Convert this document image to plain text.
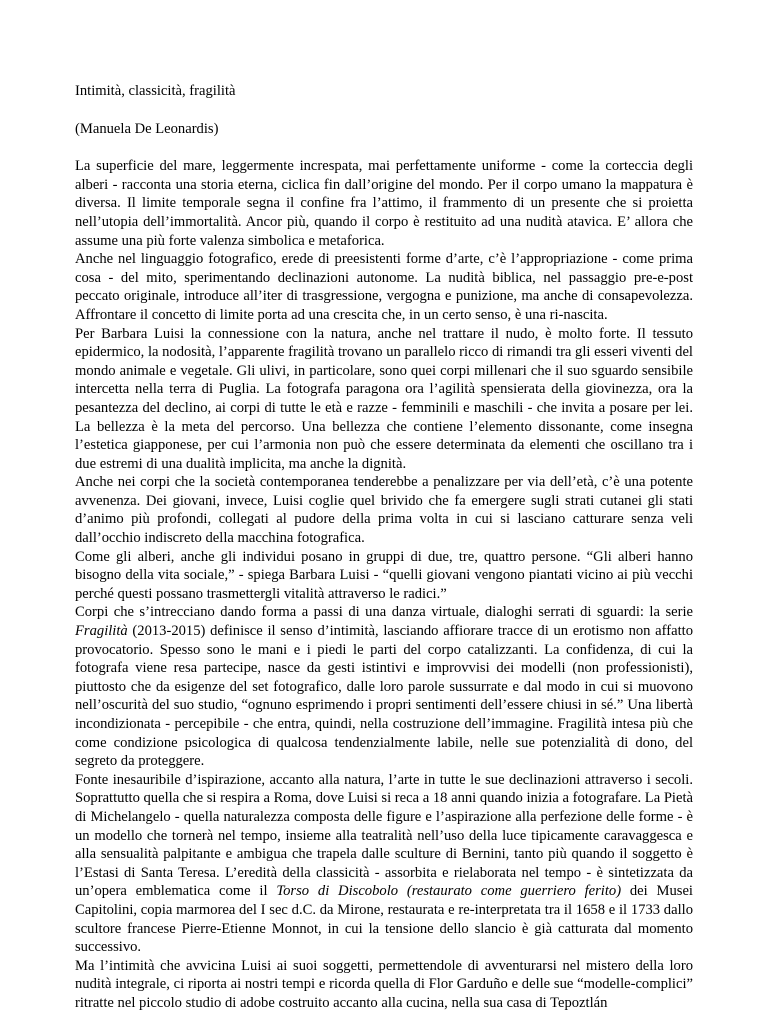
Intimità, classicità, fragilità
(Manuela De Leonardis)

La superficie del mare, leggermente increspata, mai perfettamente uniforme - come la corteccia degli alberi - racconta una storia eterna, ciclica fin dall’origine del mondo. Per il corpo umano la mappatura è diversa. Il limite temporale segna il confine fra l’attimo, il frammento di un presente che si proietta nell’utopia dell’immortalità. Ancor più, quando il corpo è restituito ad una nudità atavica. E’ allora che assume una più forte valenza simbolica e metaforica.

Anche nel linguaggio fotografico, erede di preesistenti forme d’arte, c’è l’appropriazione - come prima cosa - del mito, sperimentando declinazioni autonome. La nudità biblica, nel passaggio pre-e-post peccato originale, introduce all’iter di trasgressione, vergogna e punizione, ma anche di consapevolezza. Affrontare il concetto di limite porta ad una crescita che, in un certo senso, è una ri-nascita.

Per Barbara Luisi la connessione con la natura, anche nel trattare il nudo, è molto forte. Il tessuto epidermico, la nodosità, l’apparente fragilità trovano un parallelo ricco di rimandi tra gli esseri viventi del mondo animale e vegetale. Gli ulivi, in particolare, sono quei corpi millenari che il suo sguardo sensibile intercetta nella terra di Puglia. La fotografa paragona ora l’agilità spensierata della giovinezza, ora la pesantezza del declino, ai corpi di tutte le età e razze - femminili e maschili - che invita a posare per lei. La bellezza è la meta del percorso. Una bellezza che contiene l’elemento dissonante, come insegna l’estetica giapponese, per cui l’armonia non può che essere determinata da elementi che oscillano tra i due estremi di una dualità implicita, ma anche la dignità.

Anche nei corpi che la società contemporanea tenderebbe a penalizzare per via dell’età, c’è una potente avvenenza. Dei giovani, invece, Luisi coglie quel brivido che fa emergere sugli strati cutanei gli stati d’animo più profondi, collegati al pudore della prima volta in cui si lasciano catturare senza veli dall’occhio indiscreto della macchina fotografica.

Come gli alberi, anche gli individui posano in gruppi di due, tre, quattro persone. “Gli alberi hanno bisogno della vita sociale,” - spiega Barbara Luisi - “quelli giovani vengono piantati vicino ai più vecchi perché questi possano trasmettergli vitalità attraverso le radici.”

Corpi che s’intrecciano dando forma a passi di una danza virtuale, dialoghi serrati di sguardi: la serie Fragilità (2013-2015) definisce il senso d’intimità, lasciando affiorare tracce di un erotismo non affatto provocatorio. Spesso sono le mani e i piedi le parti del corpo catalizzanti. La confidenza, di cui la fotografa viene resa partecipe, nasce da gesti istintivi e improvvisi dei modelli (non professionisti), piuttosto che da esigenze del set fotografico, dalle loro parole sussurrate e dal modo in cui si muovono nell’oscurità del suo studio, “ognuno esprimendo i propri sentimenti dell’essere chiusi in sé.” Una libertà incondizionata - percepibile - che entra, quindi, nella costruzione dell’immagine. Fragilità intesa più che come condizione psicologica di qualcosa tendenzialmente labile, nelle sue potenzialità di dono, del segreto da proteggere.

Fonte inesauribile d’ispirazione, accanto alla natura, l’arte in tutte le sue declinazioni attraverso i secoli. Soprattutto quella che si respira a Roma, dove Luisi si reca a 18 anni quando inizia a fotografare. La Pietà di Michelangelo - quella naturalezza composta delle figure e l’aspirazione alla perfezione delle forme - è un modello che tornerà nel tempo, insieme alla teatralità nell’uso della luce tipicamente caravaggesca e alla sensualità palpitante e ambigua che trapela dalle sculture di Bernini, tanto più quando il soggetto è l’Estasi di Santa Teresa. L’eredità della classicità - assorbita e rielaborata nel tempo - è sintetizzata da un’opera emblematica come il Torso di Discobolo (restaurato come guerriero ferito) dei Musei Capitolini, copia marmorea del I sec d.C. da Mirone, restaurata e re-interpretata tra il 1658 e il 1733 dallo scultore francese Pierre-Etienne Monnot, in cui la tensione dello slancio è già catturata dal momento successivo.

Ma l’intimità che avvicina Luisi ai suoi soggetti, permettendole di avventurarsi nel mistero della loro nudità integrale, ci riporta ai nostri tempi e ricorda quella di Flor Garduño e delle sue “modelle-complici” ritratte nel piccolo studio di adobe costruito accanto alla cucina, nella sua casa di Tepoztlán
